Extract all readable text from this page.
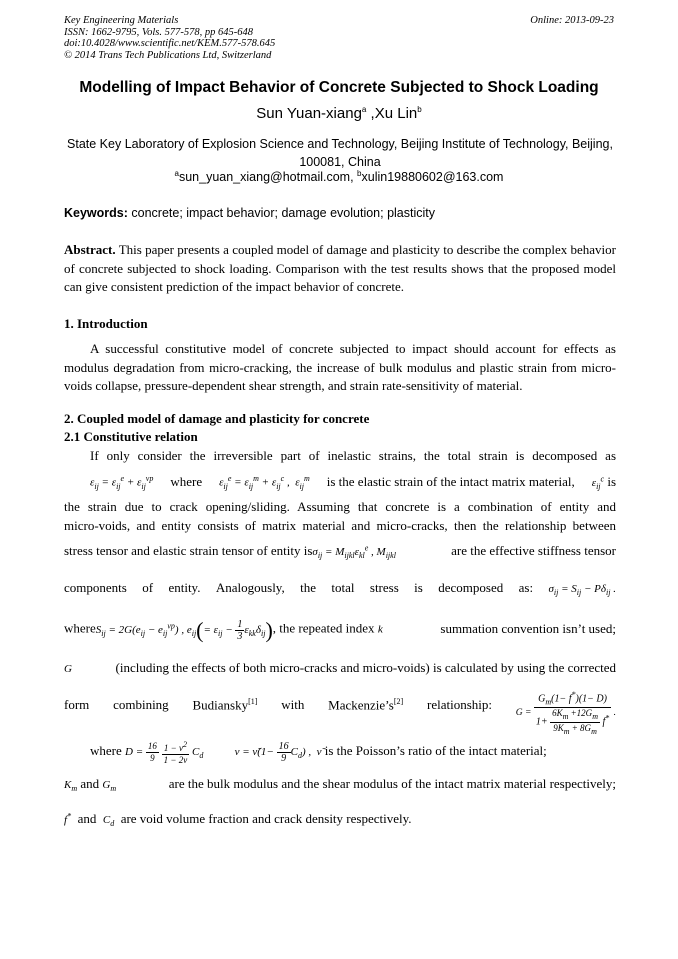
Key Engineering Materials
ISSN: 1662-9795, Vols. 577-578, pp 645-648
doi:10.4028/www.scientific.net/KEM.577-578.645
© 2014 Trans Tech Publications Ltd, Switzerland
Online: 2013-09-23
Modelling of Impact Behavior of Concrete Subjected to Shock Loading
Sun Yuan-xiang$^a$ ,Xu Lin$^b$
State Key Laboratory of Explosion Science and Technology, Beijing Institute of Technology, Beijing, 100081, China
$^a$sun_yuan_xiang@hotmail.com, $^b$xulin19880602@163.com
Keywords: concrete; impact behavior; damage evolution; plasticity
Abstract. This paper presents a coupled model of damage and plasticity to describe the complex behavior of concrete subjected to shock loading. Comparison with the test results shows that the proposed model can give consistent prediction of the impact behavior of concrete.
1. Introduction
A successful constitutive model of concrete subjected to impact should account for effects as modulus degradation from micro-cracking, the increase of bulk modulus and plastic strain from micro-voids collapse, pressure-dependent shear strength, and strain rate-sensitivity of material.
2. Coupled model of damage and plasticity for concrete
2.1 Constitutive relation
If only consider the irreversible part of inelastic strains, the total strain is decomposed as
$\varepsilon_{ij} = \varepsilon_{ij}^e + \varepsilon_{ij}^{vp}$ where $\varepsilon_{ij}^e = \varepsilon_{ij}^m + \varepsilon_{ij}^c$ ,  $\varepsilon_{ij}^m$ is the elastic strain of the intact matrix material, $\varepsilon_{ij}^c$ is
the strain due to crack opening/sliding. Assuming that concrete is a combination of entity and
micro-voids, and entity consists of matrix material and micro-cracks, then the relationship between
stress tensor and elastic strain tensor of entity $is\sigma_{ij} = M_{ijkl}\varepsilon_{kl}^e$ , $M_{ijkl}$	are the effective stiffness tensor
components of entity. Analogously, the total stress is decomposed as: $\sigma_{ij} = S_{ij} - P\delta_{ij}$ .
whereS$_{ij}$ = $2G(e_{ij} - e_{ij}^{vp})$ , $e_{ij}(= \varepsilon_{ij} - \frac{1}{3} \varepsilon_{kk}\delta_{ij})$, the repeated index k	summation convention isn’t used;
G	(including the effects of both micro-cracks and micro-voids) is calculated by using the corrected
form combining Budiansky[1] with Mackenzie’s[2] relationship:
$G = \frac{G_m(1- f^*)(1- D)}{1+ \frac{6K_m +12G_m}{9K_m + 8G_m} f^*}$ .
where $D = \frac{16}{9}$
$\frac{1 - \nu^2}{1 - 2\nu} C_d$	ν = ν̃(1− $\frac{16}{9} C_d$) ,  ν̃ is the Poisson’s ratio of the intact material;
$K_m$ and $G_m$	are the bulk modulus and the shear modulus of the intact matrix material respectively;
f* and $C_d$ are void volume fraction and crack density respectively.
